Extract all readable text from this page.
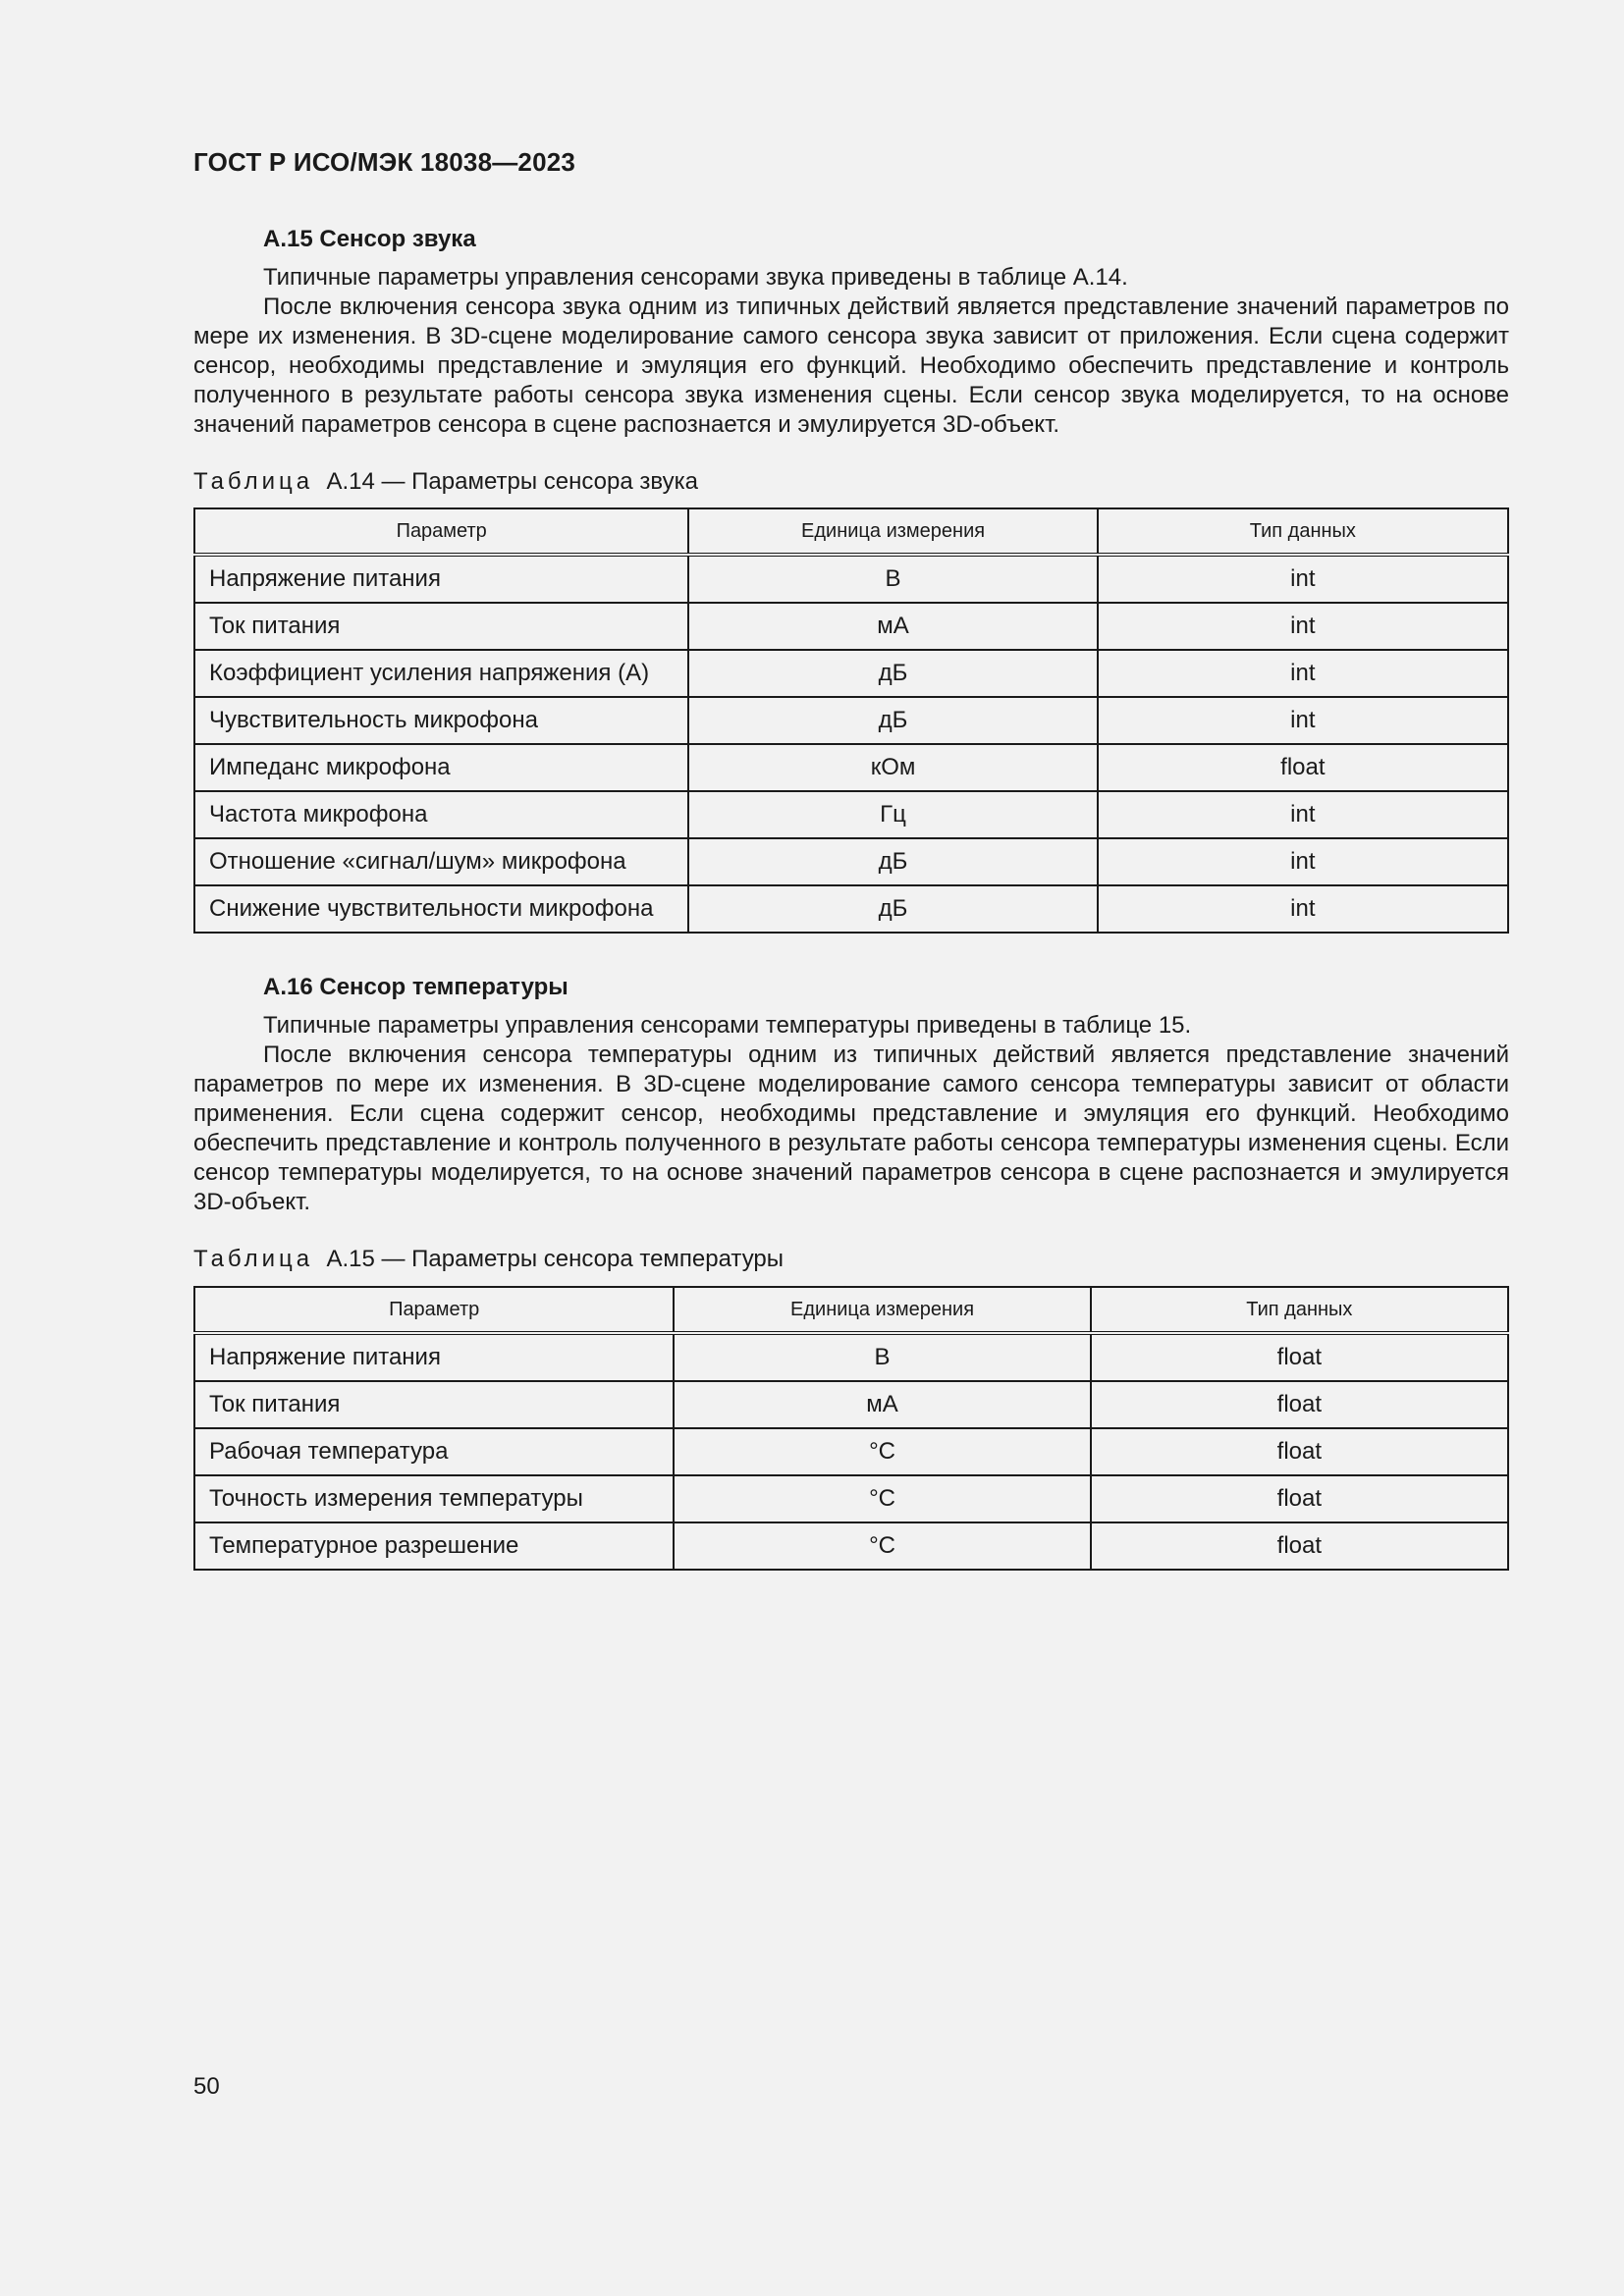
ГОСТ Р ИСО/МЭК 18038—2023
А.15 Сенсор звука

Типичные параметры управления сенсорами звука приведены в таблице А.14.

После включения сенсора звука одним из типичных действий является представление значений параметров по мере их изменения. В 3D-сцене моделирование самого сенсора звука зависит от приложения. Если сцена содержит сенсор, необходимы представление и эмуляция его функций. Необходимо обеспечить представление и контроль полученного в результате работы сенсора звука изменения сцены. Если сенсор звука моделируется, то на основе значений параметров сенсора в сцене распознается и эмулируется 3D-объект.

Таблица А.14 — Параметры сенсора звука
Параметр	Единица измерения	Тип данных
Напряжение питания	В	int
Ток питания	мА	int
Коэффициент усиления напряжения (А)	дБ	int
Чувствительность микрофона	дБ	int
Импеданс микрофона	кОм	float
Частота микрофона	Гц	int
Отношение «сигнал/шум» микрофона	дБ	int
Снижение чувствительности микрофона	дБ	int
А.16 Сенсор температуры

Типичные параметры управления сенсорами температуры приведены в таблице 15.

После включения сенсора температуры одним из типичных действий является представление значений параметров по мере их изменения. В 3D-сцене моделирование самого сенсора температуры зависит от области применения. Если сцена содержит сенсор, необходимы представление и эмуляция его функций. Необходимо обеспечить представление и контроль полученного в результате работы сенсора температуры изменения сцены. Если сенсор температуры моделируется, то на основе значений параметров сенсора в сцене распознается и эмулируется 3D-объект.

Таблица А.15 — Параметры сенсора температуры
Параметр	Единица измерения	Тип данных
Напряжение питания	В	float
Ток питания	мА	float
Рабочая температура	°С	float
Точность измерения температуры	°С	float
Температурное разрешение	°С	float
50
